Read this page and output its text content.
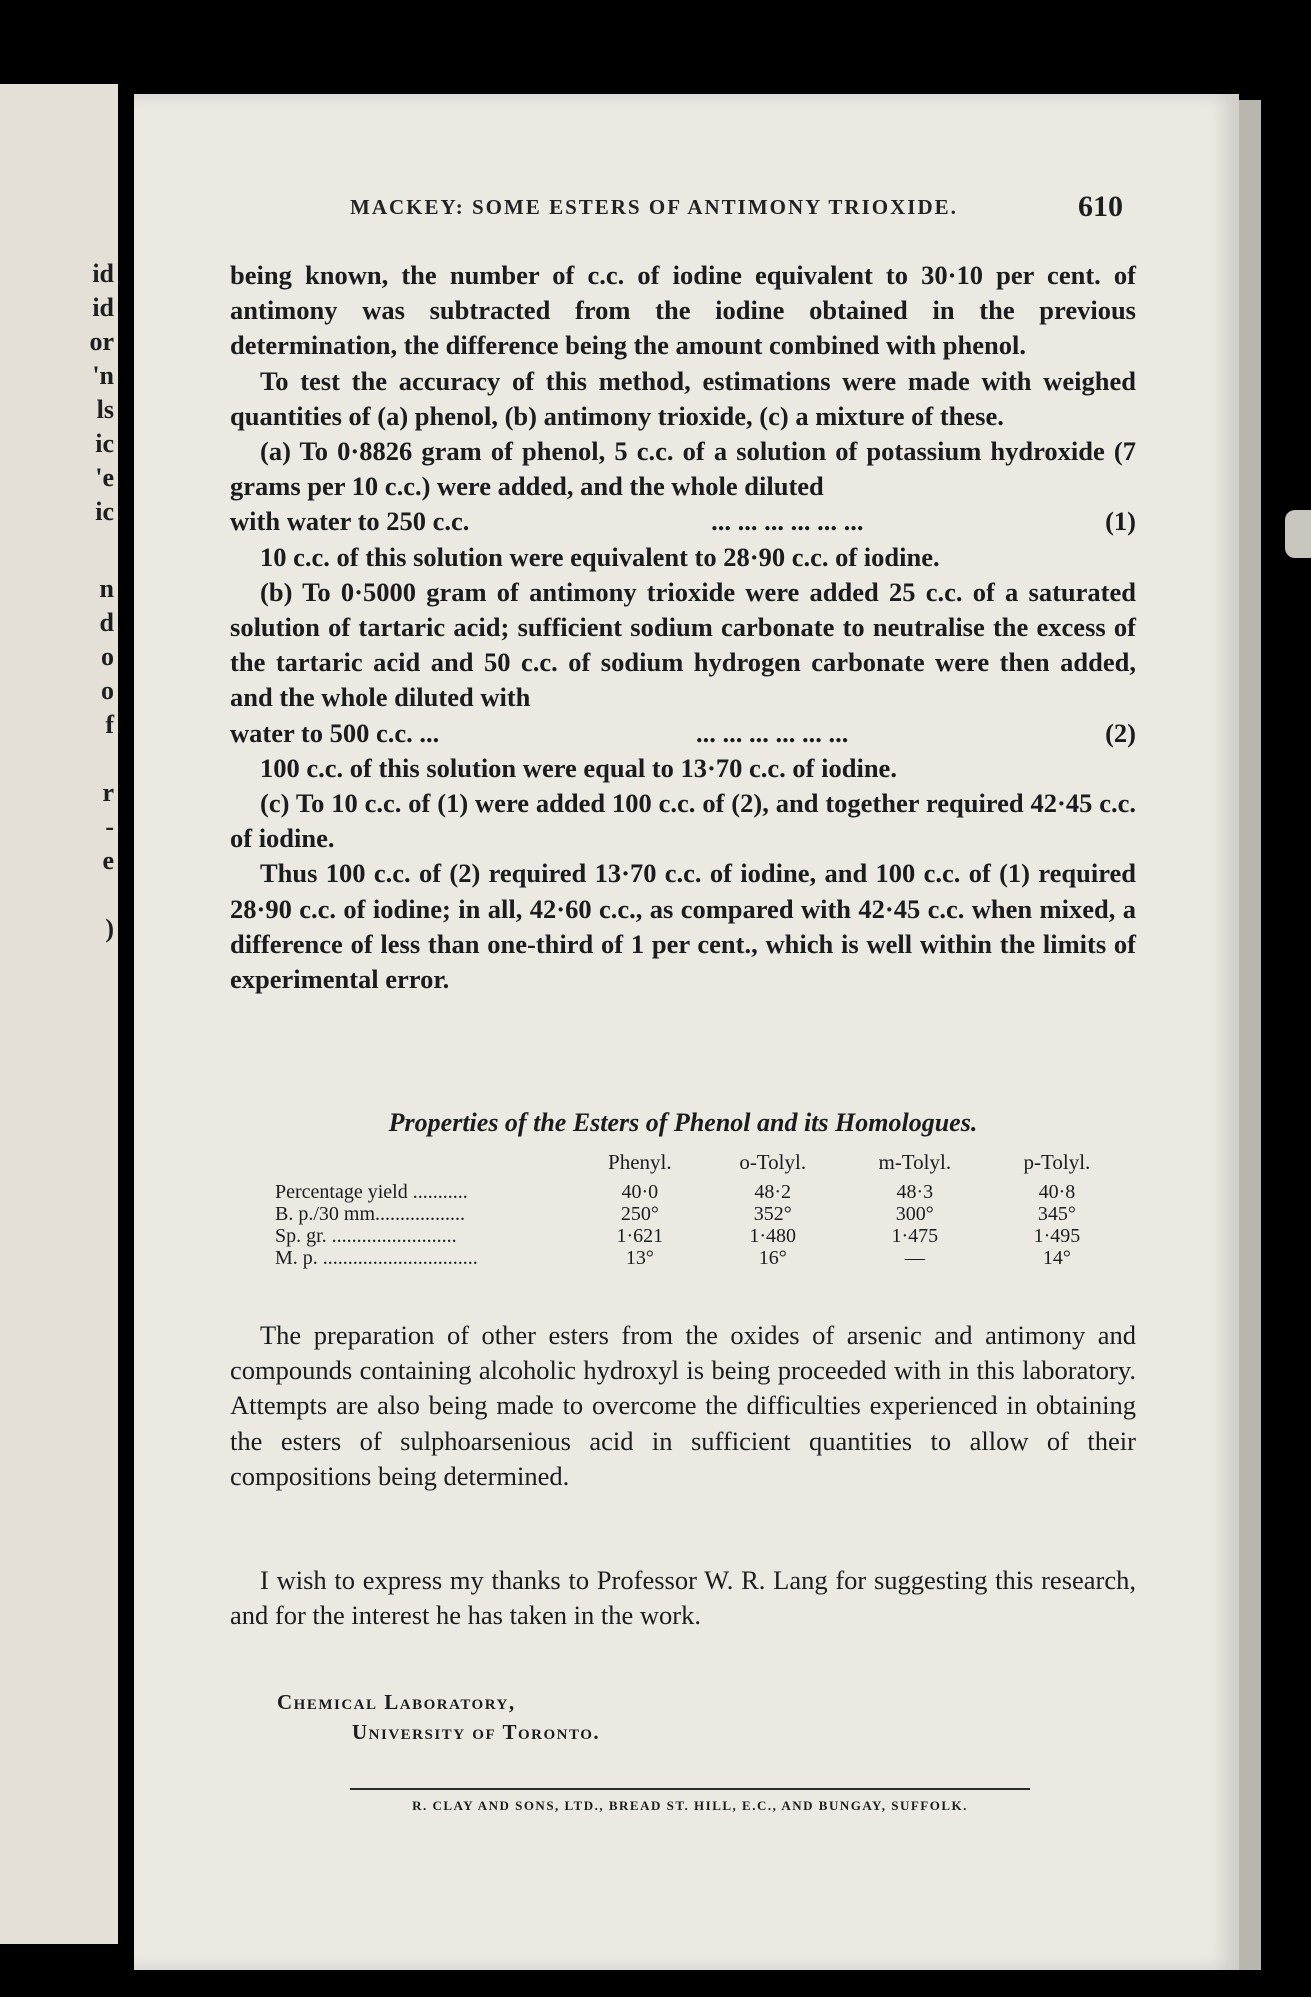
id
id
or
'n
ls
ic
'e
ic
n
d
o
o
f
r
-
e
)
MACKEY: SOME ESTERS OF ANTIMONY TRIOXIDE.	610

being known, the number of c.c. of iodine equivalent to 30·10 per cent. of antimony was subtracted from the iodine obtained in the previous determination, the difference being the amount combined with phenol.

To test the accuracy of this method, estimations were made with weighed quantities of (a) phenol, (b) antimony trioxide, (c) a mixture of these.

(a) To 0·8826 gram of phenol, 5 c.c. of a solution of potassium hydroxide (7 grams per 10 c.c.) were added, and the whole diluted

with water to 250 c.c.	... ... ... ... ... ...	(1)

10 c.c. of this solution were equivalent to 28·90 c.c. of iodine.

(b) To 0·5000 gram of antimony trioxide were added 25 c.c. of a saturated solution of tartaric acid; sufficient sodium carbonate to neutralise the excess of the tartaric acid and 50 c.c. of sodium hydrogen carbonate were then added, and the whole diluted with

water to 500 c.c. ...	... ... ... ... ... ...	(2)

100 c.c. of this solution were equal to 13·70 c.c. of iodine.

(c) To 10 c.c. of (1) were added 100 c.c. of (2), and together required 42·45 c.c. of iodine.

Thus 100 c.c. of (2) required 13·70 c.c. of iodine, and 100 c.c. of (1) required 28·90 c.c. of iodine; in all, 42·60 c.c., as compared with 42·45 c.c. when mixed, a difference of less than one-third of 1 per cent., which is well within the limits of experimental error.

Properties of the Esters of Phenol and its Homologues.
	Phenyl.	o-Tolyl.	m-Tolyl.	p-Tolyl.
Percentage yield ...........	40·0	48·2	48·3	40·8
B. p./30 mm..................	250°	352°	300°	345°
Sp. gr. .........................	1·621	1·480	1·475	1·495
M. p. ...............................	13°	16°	—	14°

The preparation of other esters from the oxides of arsenic and antimony and compounds containing alcoholic hydroxyl is being proceeded with in this laboratory. Attempts are also being made to overcome the difficulties experienced in obtaining the esters of sulphoarsenious acid in sufficient quantities to allow of their compositions being determined.

I wish to express my thanks to Professor W. R. Lang for suggesting this research, and for the interest he has taken in the work.

Chemical Laboratory,
University of Toronto.
R. CLAY AND SONS, LTD., BREAD ST. HILL, E.C., AND BUNGAY, SUFFOLK.
